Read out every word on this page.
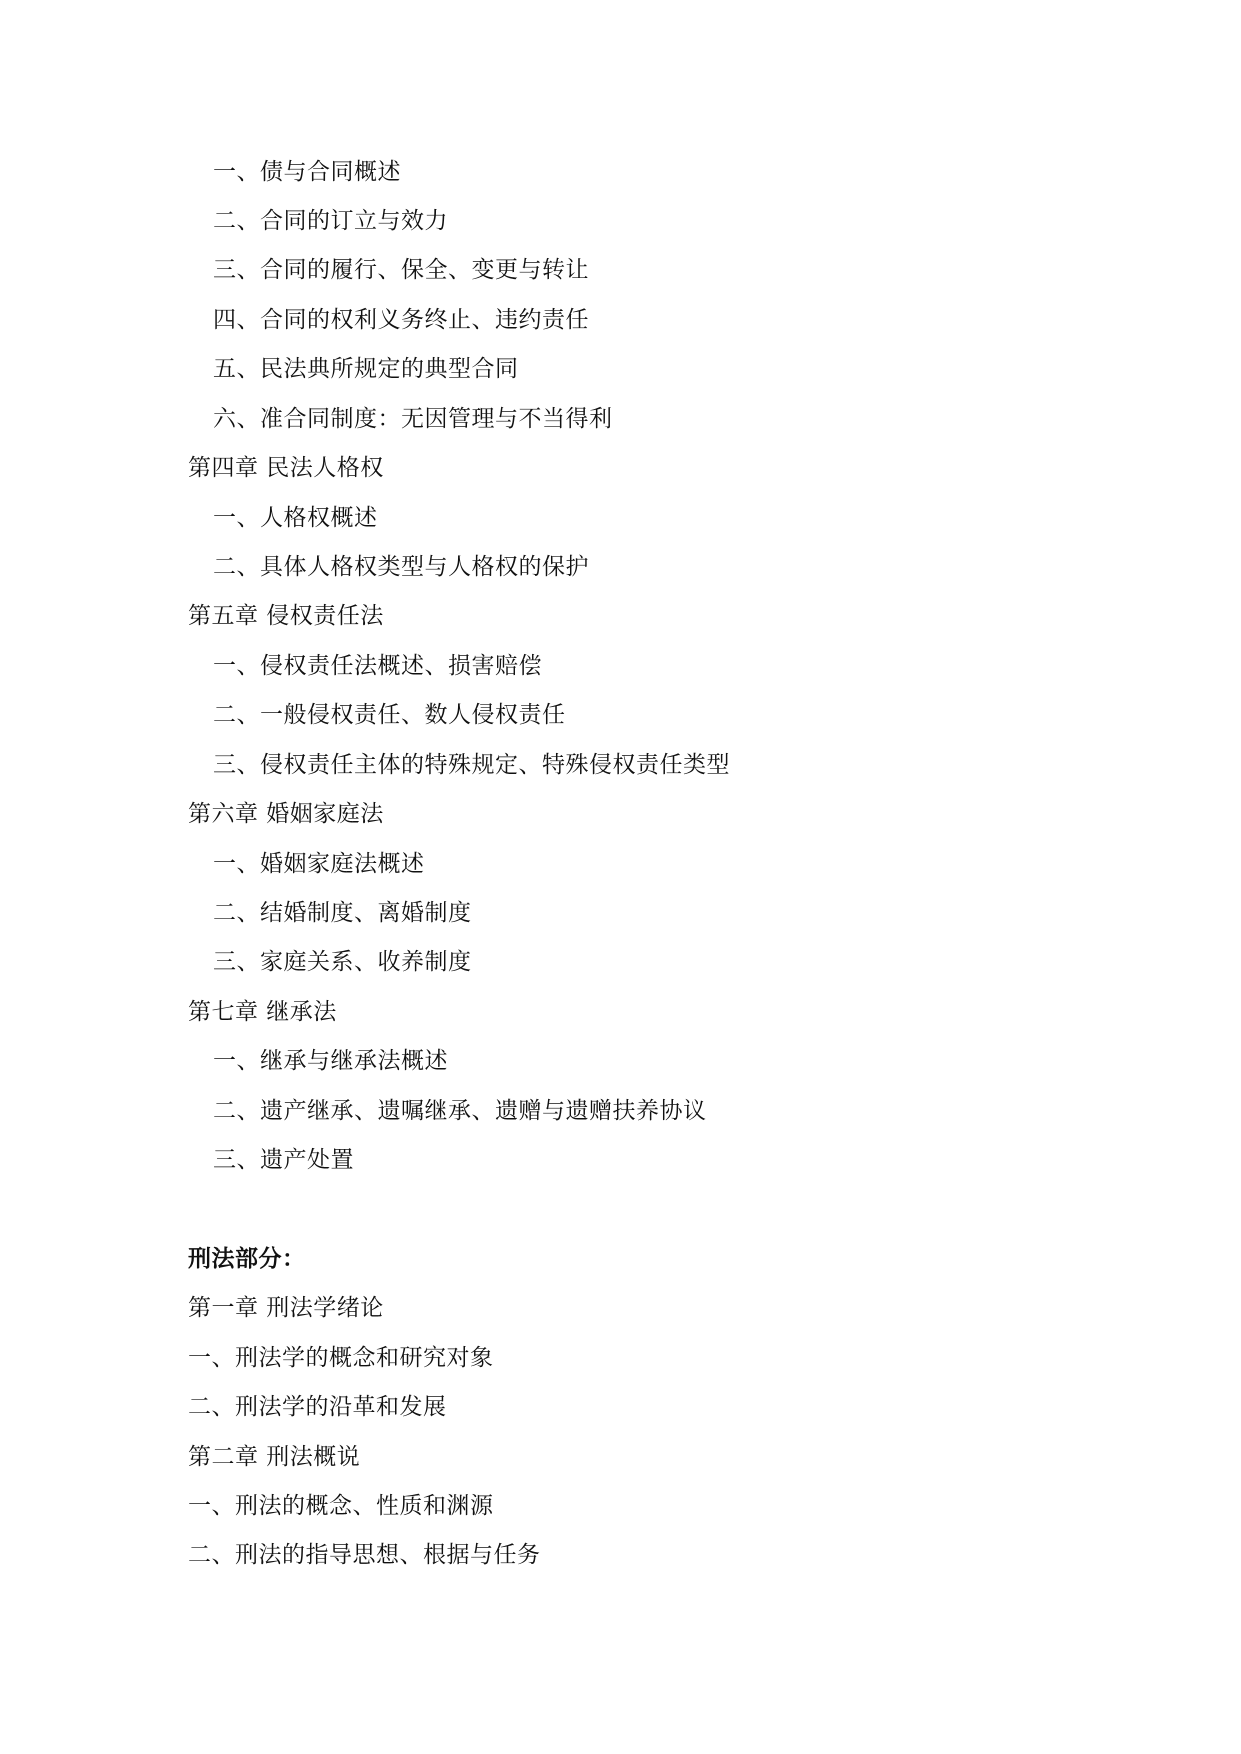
一、债与合同概述
二、合同的订立与效力
三、合同的履行、保全、变更与转让
四、合同的权利义务终止、违约责任
五、民法典所规定的典型合同
六、准合同制度：无因管理与不当得利
第四章 民法人格权
一、人格权概述
二、具体人格权类型与人格权的保护
第五章 侵权责任法
一、侵权责任法概述、损害赔偿
二、一般侵权责任、数人侵权责任
三、侵权责任主体的特殊规定、特殊侵权责任类型
第六章 婚姻家庭法
一、婚姻家庭法概述
二、结婚制度、离婚制度
三、家庭关系、收养制度
第七章 继承法
一、继承与继承法概述
二、遗产继承、遗嘱继承、遗赠与遗赠扶养协议
三、遗产处置
刑法部分：
第一章 刑法学绪论
一、刑法学的概念和研究对象
二、刑法学的沿革和发展
第二章 刑法概说
一、刑法的概念、性质和渊源
二、刑法的指导思想、根据与任务
